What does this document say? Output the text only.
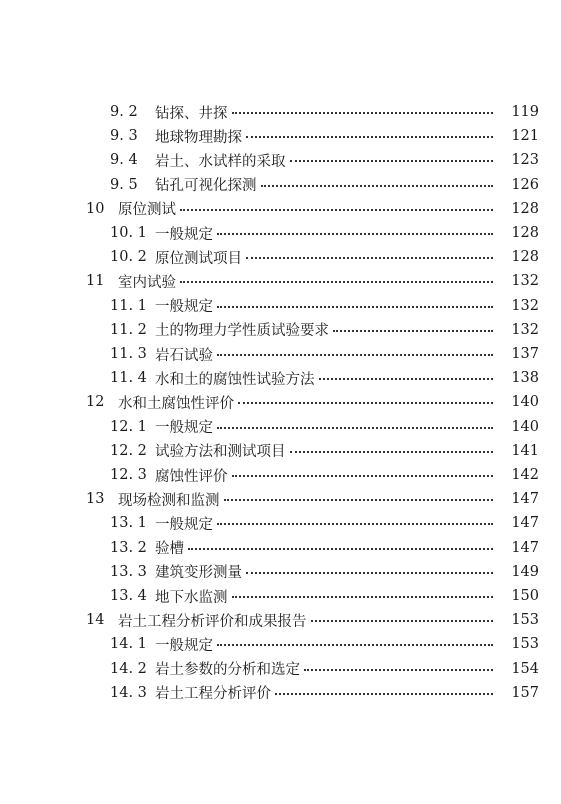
9. 2	钻探、井探	119
9. 3	地球物理勘探	121
9. 4	岩土、水试样的采取	123
9. 5	钻孔可视化探测	126
10 原位测试	128
10. 1 一般规定	128
10. 2 原位测试项目	128
11 室内试验	132
11. 1 一般规定	132
11. 2 土的物理力学性质试验要求	132
11. 3 岩石试验	137
11. 4 水和土的腐蚀性试验方法	138
12 水和土腐蚀性评价	140
12. 1 一般规定	140
12. 2 试验方法和测试项目	141
12. 3 腐蚀性评价	142
13 现场检测和监测	147
13. 1 一般规定	147
13. 2 验槽	147
13. 3 建筑变形测量	149
13. 4 地下水监测	150
14 岩土工程分析评价和成果报告	153
14. 1 一般规定	153
14. 2 岩土参数的分析和选定	154
14. 3 岩土工程分析评价	157
